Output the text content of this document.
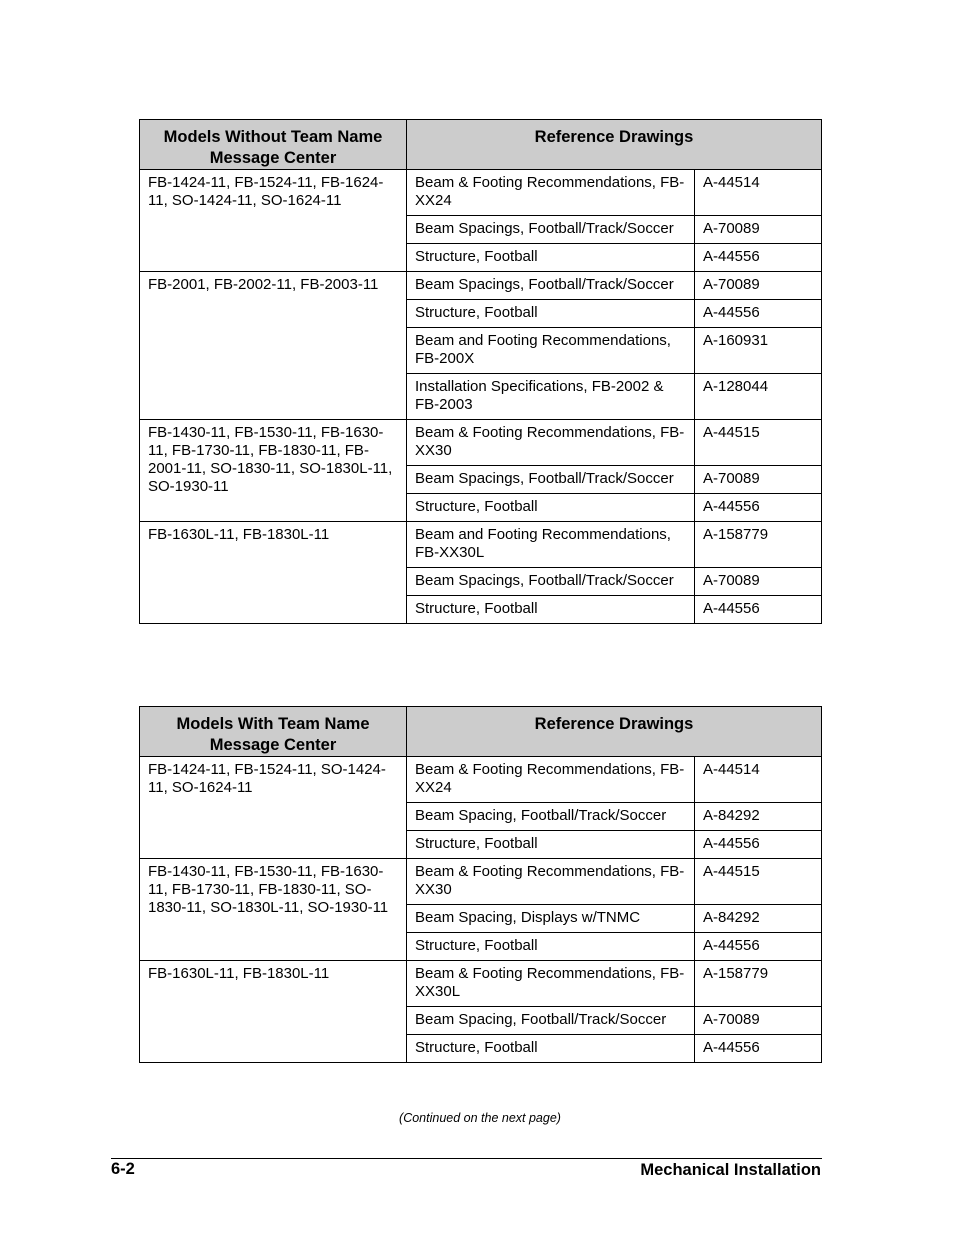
Models Without Team Name Message Center	Reference Drawings	
FB-1424-11, FB-1524-11, FB-1624-11, SO-1424-11, SO-1624-11	Beam & Footing Recommendations, FB-XX24	A-44514
	Beam Spacings, Football/Track/Soccer	A-70089
	Structure, Football	A-44556
FB-2001, FB-2002-11, FB-2003-11	Beam Spacings, Football/Track/Soccer	A-70089
	Structure, Football	A-44556
	Beam and Footing Recommendations, FB-200X	A-160931
	Installation Specifications, FB-2002 & FB-2003	A-128044
FB-1430-11, FB-1530-11, FB-1630-11, FB-1730-11, FB-1830-11, FB-2001-11, SO-1830-11, SO-1830L-11, SO-1930-11	Beam & Footing Recommendations, FB-XX30	A-44515
	Beam Spacings, Football/Track/Soccer	A-70089
	Structure, Football	A-44556
FB-1630L-11, FB-1830L-11	Beam and Footing Recommendations, FB-XX30L	A-158779
	Beam Spacings, Football/Track/Soccer	A-70089
	Structure, Football	A-44556
Models With Team Name Message Center	Reference Drawings	
FB-1424-11, FB-1524-11, SO-1424-11, SO-1624-11	Beam & Footing Recommendations, FB-XX24	A-44514
	Beam Spacing, Football/Track/Soccer	A-84292
	Structure, Football	A-44556
FB-1430-11, FB-1530-11, FB-1630-11, FB-1730-11, FB-1830-11, SO-1830-11, SO-1830L-11, SO-1930-11	Beam & Footing Recommendations, FB-XX30	A-44515
	Beam Spacing, Displays w/TNMC	A-84292
	Structure, Football	A-44556
FB-1630L-11, FB-1830L-11	Beam & Footing Recommendations, FB-XX30L	A-158779
	Beam Spacing, Football/Track/Soccer	A-70089
	Structure, Football	A-44556
(Continued on the next page)
6-2	Mechanical Installation
